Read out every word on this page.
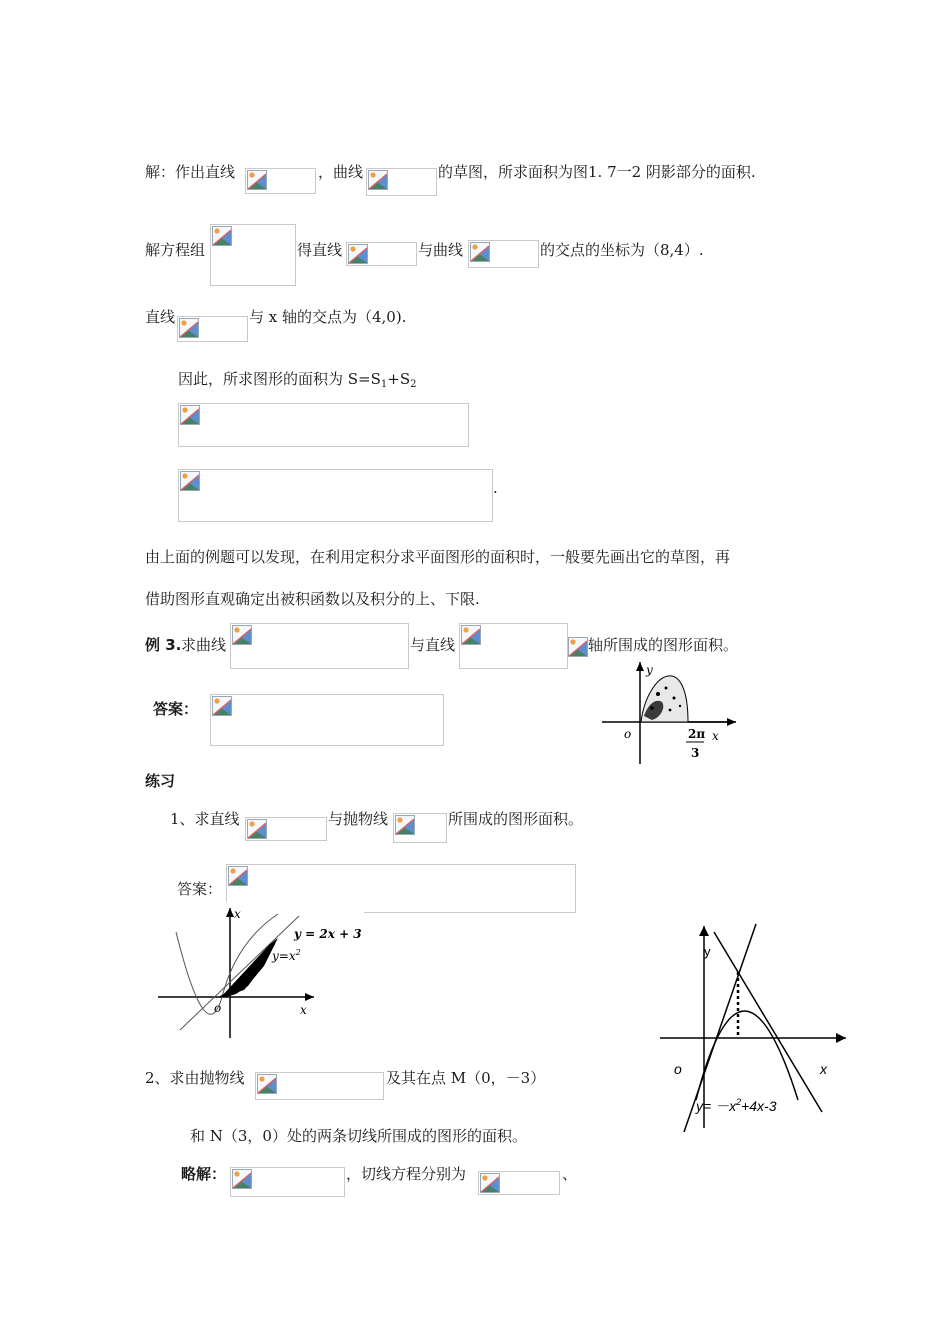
解：作出直线	，曲线	的草图，所求面积为图1. 7一2 阴影部分的面积.
解方程组	得直线	与曲线	的交点的坐标为（8,4）.
直线	与 x 轴的交点为（4,0).
因此，所求图形的面积为 $S=S_1+S_2$
.
由上面的例题可以发现，在利用定积分求平面图形的面积时，一般要先画出它的草图，再
借助图形直观确定出被积函数以及积分的上、下限.
例 3. 求曲线	与直线	轴所围成的图形面积。
答案：
y
o	x
2π
3
练习
1、求直线	与抛物线	所围成的图形面积。
答案：
x
o	x
y = 2x + 3
$y=x^2$	y
o	x
$y= -x^2+4x-3$
2、求由抛物线	及其在点 M（0，－3）
和 N（3，0）处的两条切线所围成的图形的面积。
略解：	，切线方程分别为	、
